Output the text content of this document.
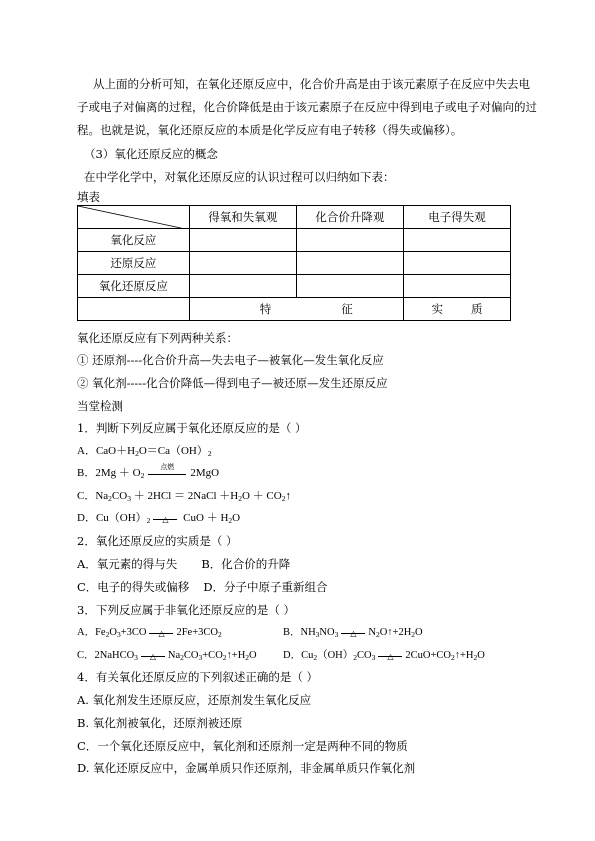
从上面的分析可知，在氧化还原反应中，化合价升高是由于该元素原子在反应中失去电
子或电子对偏离的过程，化合价降低是由于该元素原子在反应中得到电子或电子对偏向的过
程。也就是说，氧化还原反应的本质是化学反应有电子转移（得失或偏移）。
（3）氧化还原反应的概念
在中学化学中，对氧化还原反应的认识过程可以归纳如下表：
填表
	得氧和失氧观	化合价升降观	电子得失观
氧化反应			
还原反应			
氧化还原反应			
	特 征		实 质
氧化还原反应有下列两种关系：
① 还原剂----化合价升高—失去电子—被氧化—发生氧化反应
② 氧化剂-----化合价降低—得到电子—被还原—发生还原反应
当堂检测
1．判断下列反应属于氧化还原反应的是（ ）
A．$CaO+H_2O=Ca(OH)_2$
B．$2Mg + O_2$
点燃	2MgO
C．$Na_2CO_3 + 2HCl$ ＝ 2NaCl $+H_2O$ ＋ $CO_2↑$
D．$Cu(OH)_2$ △ CuO ＋ $H_2O$
2．氧化还原反应的实质是（ ）
A．氧元素的得与失 B．化合价的升降
C．电子的得失或偏移 D．分子中原子重新组合
3．下列反应属于非氧化还原反应的是（ ）
A．$Fe_2O_3+3CO$ △ $2Fe+3CO_2$	B．$NH_3NO_3$ △ $N_2O↑+2H_2O$
C．2NaHCO$_3$ △ $Na_2CO_3+CO_2↑+H_2O$	D．$Cu_2(OH)_2CO_3$ △ $2CuO+CO_2↑+H_2O$
4．有关氧化还原反应的下列叙述正确的是（ ）
A. 氧化剂发生还原反应，还原剂发生氧化反应
B. 氧化剂被氧化，还原剂被还原
C．一个氧化还原反应中，氧化剂和还原剂一定是两种不同的物质
D. 氧化还原反应中，金属单质只作还原剂，非金属单质只作氧化剂
